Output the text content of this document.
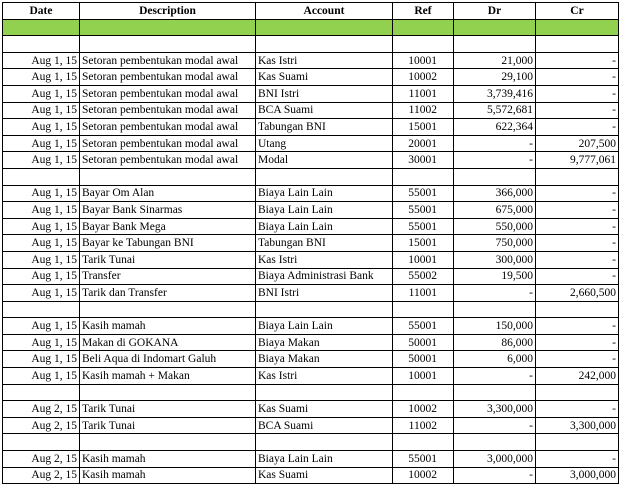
Date	Description	Account	Ref	Dr	Cr

Aug 1, 15	Setoran pembentukan modal awal	Kas Istri	10001	21,000	-
Aug 1, 15	Setoran pembentukan modal awal	Kas Suami	10002	29,100	-
Aug 1, 15	Setoran pembentukan modal awal	BNI Istri	11001	3,739,416	-
Aug 1, 15	Setoran pembentukan modal awal	BCA Suami	11002	5,572,681	-
Aug 1, 15	Setoran pembentukan modal awal	Tabungan BNI	15001	622,364	-
Aug 1, 15	Setoran pembentukan modal awal	Utang	20001	-	207,500
Aug 1, 15	Setoran pembentukan modal awal	Modal	30001	-	9,777,061

Aug 1, 15	Bayar Om Alan	Biaya Lain Lain	55001	366,000	-
Aug 1, 15	Bayar Bank Sinarmas	Biaya Lain Lain	55001	675,000	-
Aug 1, 15	Bayar Bank Mega	Biaya Lain Lain	55001	550,000	-
Aug 1, 15	Bayar ke Tabungan BNI	Tabungan BNI	15001	750,000	-
Aug 1, 15	Tarik Tunai	Kas Istri	10001	300,000	-
Aug 1, 15	Transfer	Biaya Administrasi Bank	55002	19,500	-
Aug 1, 15	Tarik dan Transfer	BNI Istri	11001	-	2,660,500

Aug 1, 15	Kasih mamah	Biaya Lain Lain	55001	150,000	-
Aug 1, 15	Makan di GOKANA	Biaya Makan	50001	86,000	-
Aug 1, 15	Beli Aqua di Indomart Galuh	Biaya Makan	50001	6,000	-
Aug 1, 15	Kasih mamah + Makan	Kas Istri	10001	-	242,000

Aug 2, 15	Tarik Tunai	Kas Suami	10002	3,300,000	-
Aug 2, 15	Tarik Tunai	BCA Suami	11002	-	3,300,000

Aug 2, 15	Kasih mamah	Biaya Lain Lain	55001	3,000,000	-
Aug 2, 15	Kasih mamah	Kas Suami	10002	-	3,000,000
